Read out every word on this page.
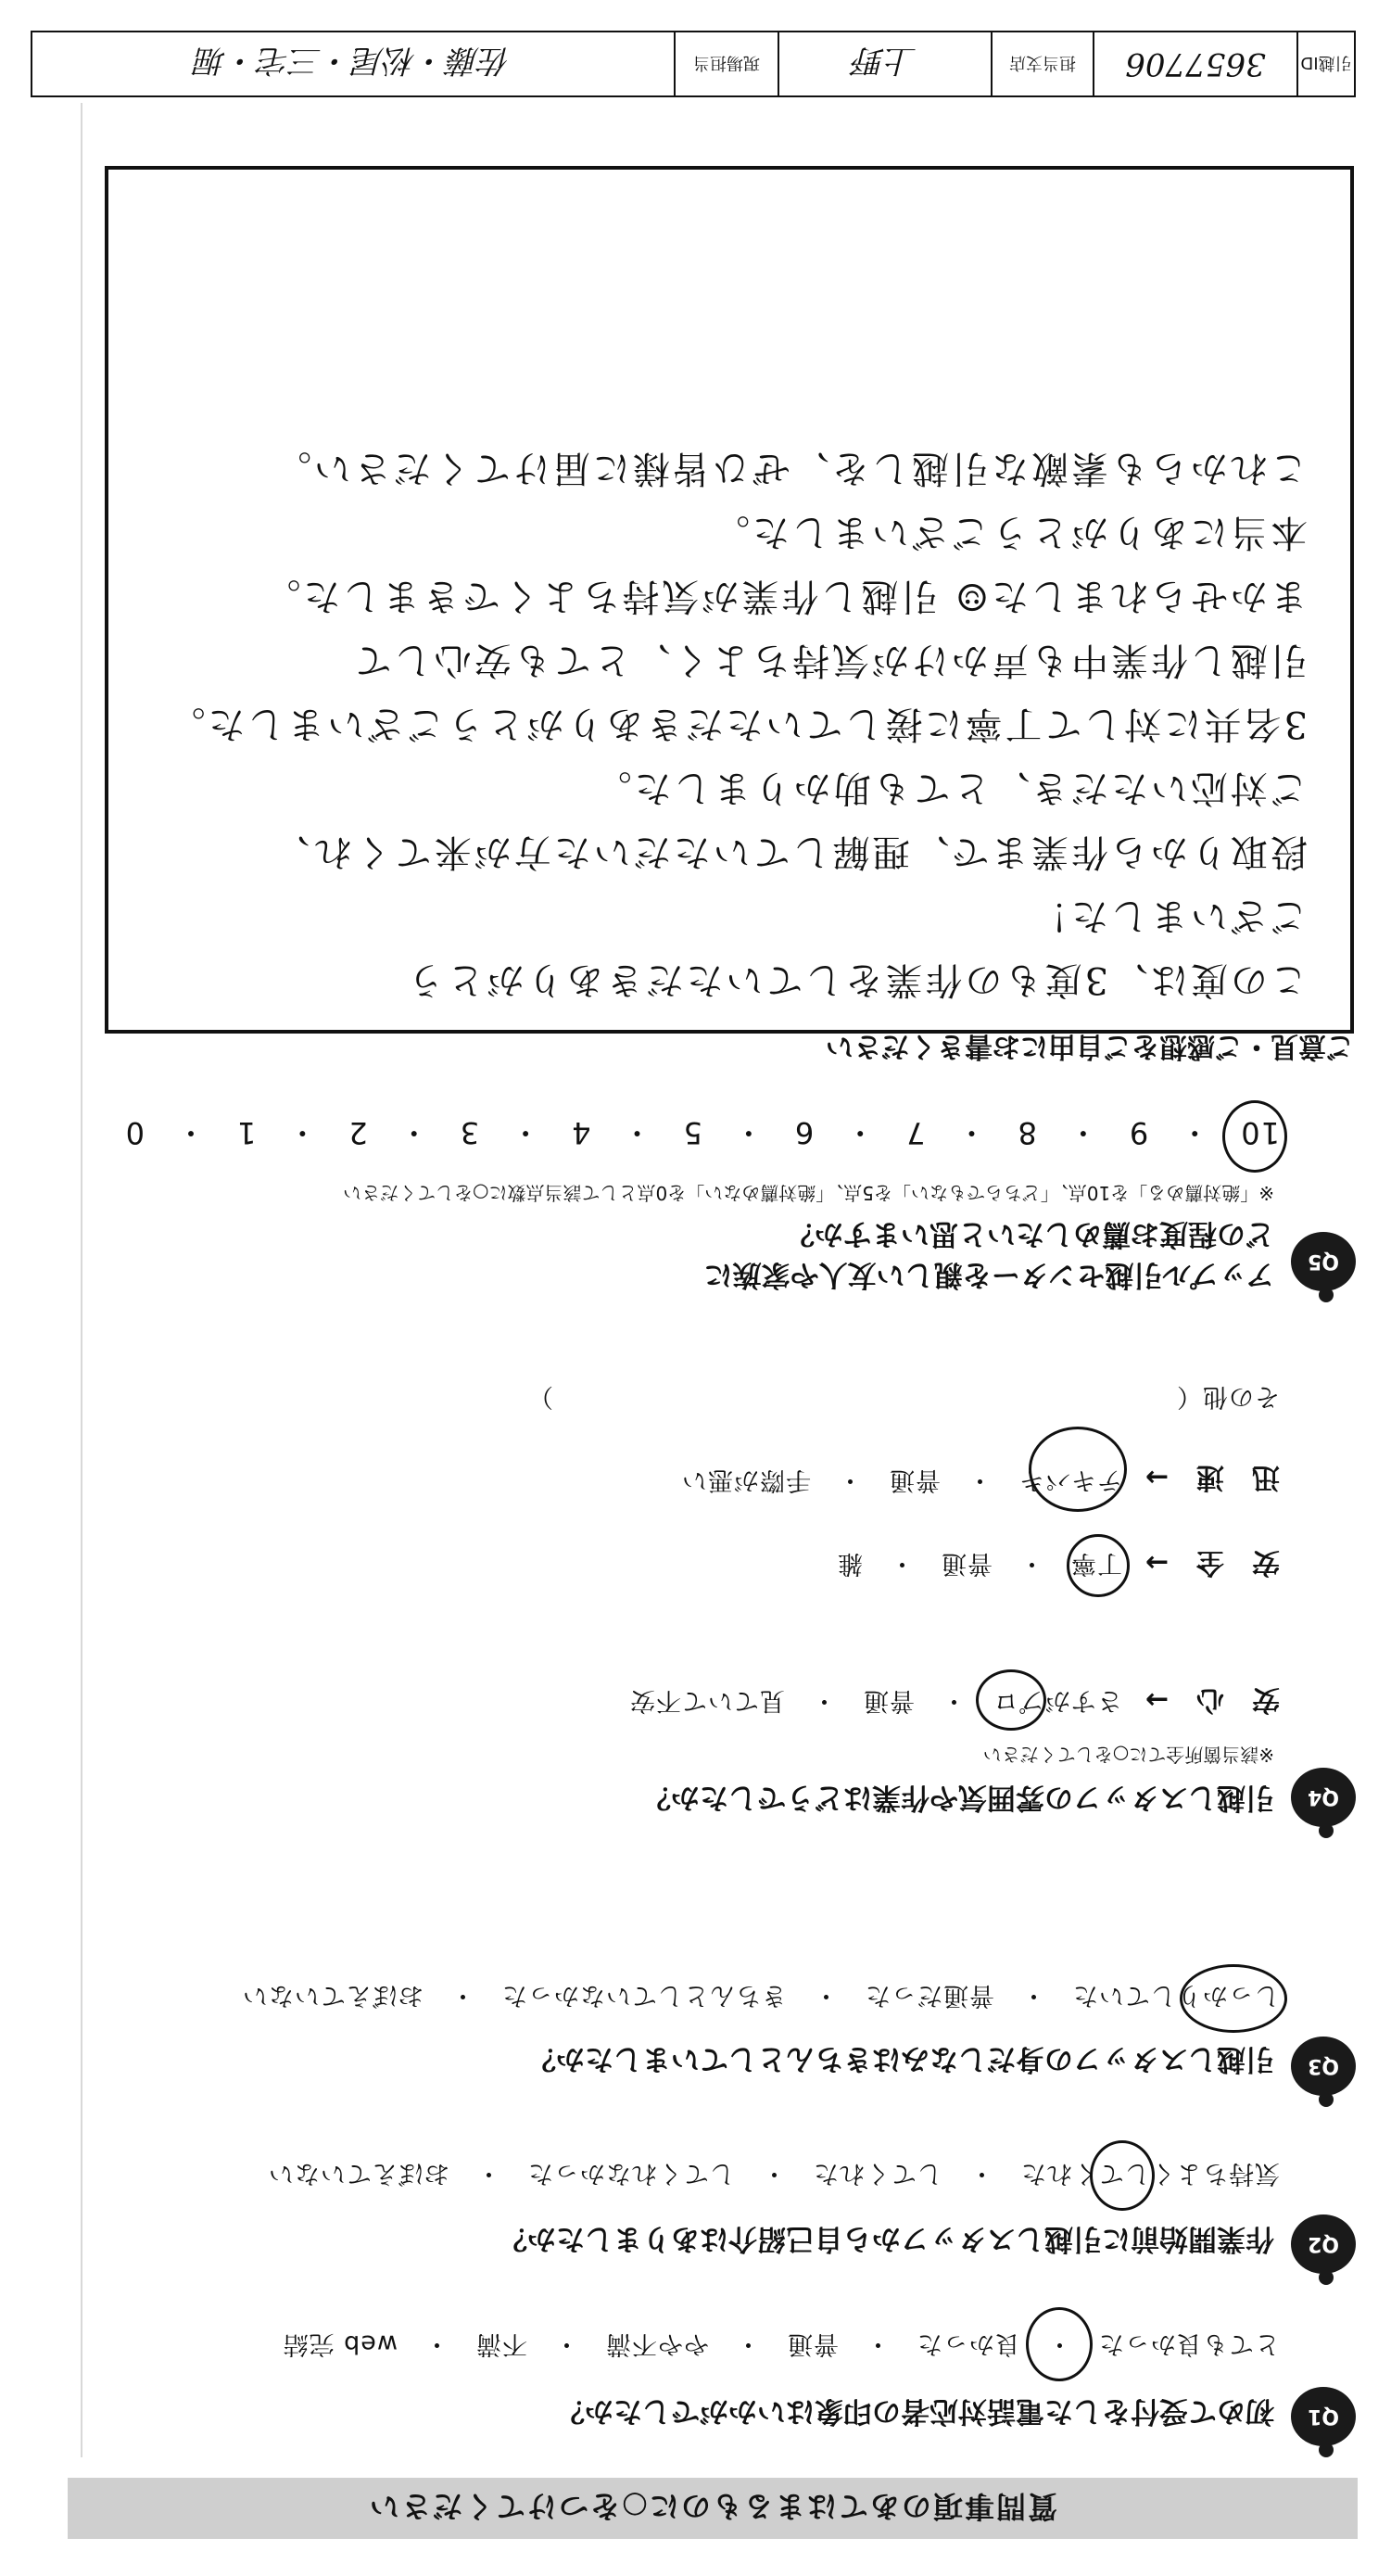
質問事項のあてはまるものに○をつけてください
Q1
初めて受付をした電話対応者の印象はいかがでしたか？
とても良かった　・　良かった　・　普通　・　やや不満　・　不満　・　web 完結
Q2
作業開始前に引越しスタッフから自己紹介はありましたか？
気持ちよくしてくれた　・　してくれた　・　してくれなかった　・　おぼえていない
Q3
引越しスタッフの身だしなみはきちんとしていましたか？
しっかりしていた　・　普通だった　・　きちんとしていなかった　・　おぼえていない
Q4
引越しスタッフの雰囲気や作業はどうでしたか？
※該当箇所全てに○をしてください
安　心　→
さすがプロ　・　普通　・　見ていて不安
安　全　→
丁寧　・　普通　・　雑
迅　速　→
テキパキ　・　普通　・　手際が悪い
その他（　　　　　　　　　　　　　　　　　　　　　　　　）
Q5
アップル引越センターを親しい友人や家族に
どの程度お薦めしたいと思いますか？
※「絶対薦める」を10点、「どちらでもない」を5点、「絶対薦めない」を0点として該当点数に○をしてください
10　・　9　・　8　・　7　・　6　・　5　・　4　・　3　・　2　・　1　・　0
ご意見・ご感想をご自由にお書きください
この度は、3度もの作業をしていただきありがとう
ございました！
段取りから作業まで、理解していただいた方が来てくれ、
ご対応いただき、とても助かりました。
3名共に対して丁寧に接していただきありがとうございました。
引越し作業中も声かけが気持ちよく、とても安心して
まかせられました☺ 引越し作業が気持ちよくできました。
本当にありがとうございました。
これからも素敵な引越しを、ぜひ皆様に届けてください。
引越ID
3657706
担当支店
上野
現場担当
佐藤・松尾・三宅・堀
